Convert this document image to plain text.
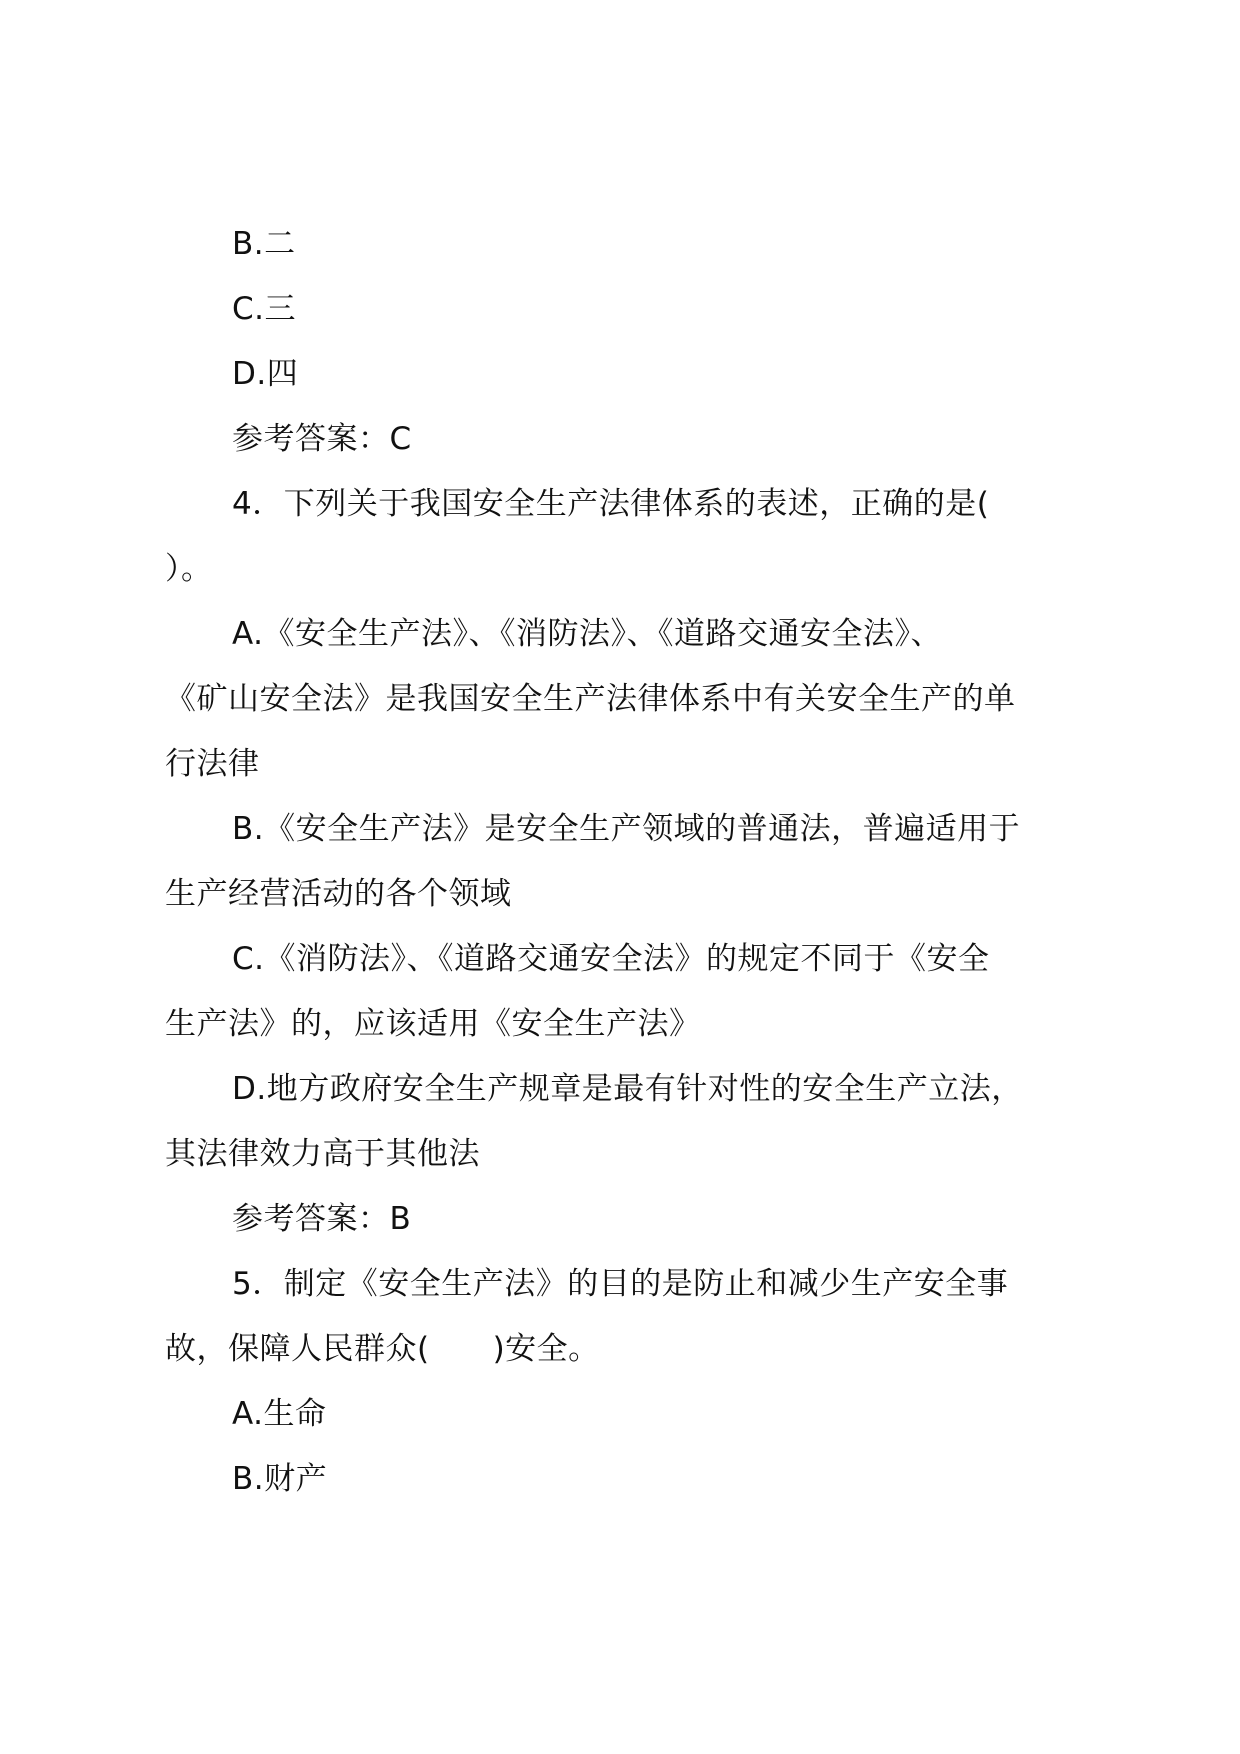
B.二
C.三
D.四
参考答案：C
4．下列关于我国安全生产法律体系的表述，正确的是(
）。
A.《安全生产法》、《消防法》、《道路交通安全法》、
《矿山安全法》是我国安全生产法律体系中有关安全生产的单
行法律
B.《安全生产法》是安全生产领域的普通法，普遍适用于
生产经营活动的各个领域
C.《消防法》、《道路交通安全法》的规定不同于《安全
生产法》的，应该适用《安全生产法》
D.地方政府安全生产规章是最有针对性的安全生产立法，
其法律效力高于其他法
参考答案：B
5．制定《安全生产法》的目的是防止和减少生产安全事
故，保障人民群众(　　)安全。
A.生命
B.财产
